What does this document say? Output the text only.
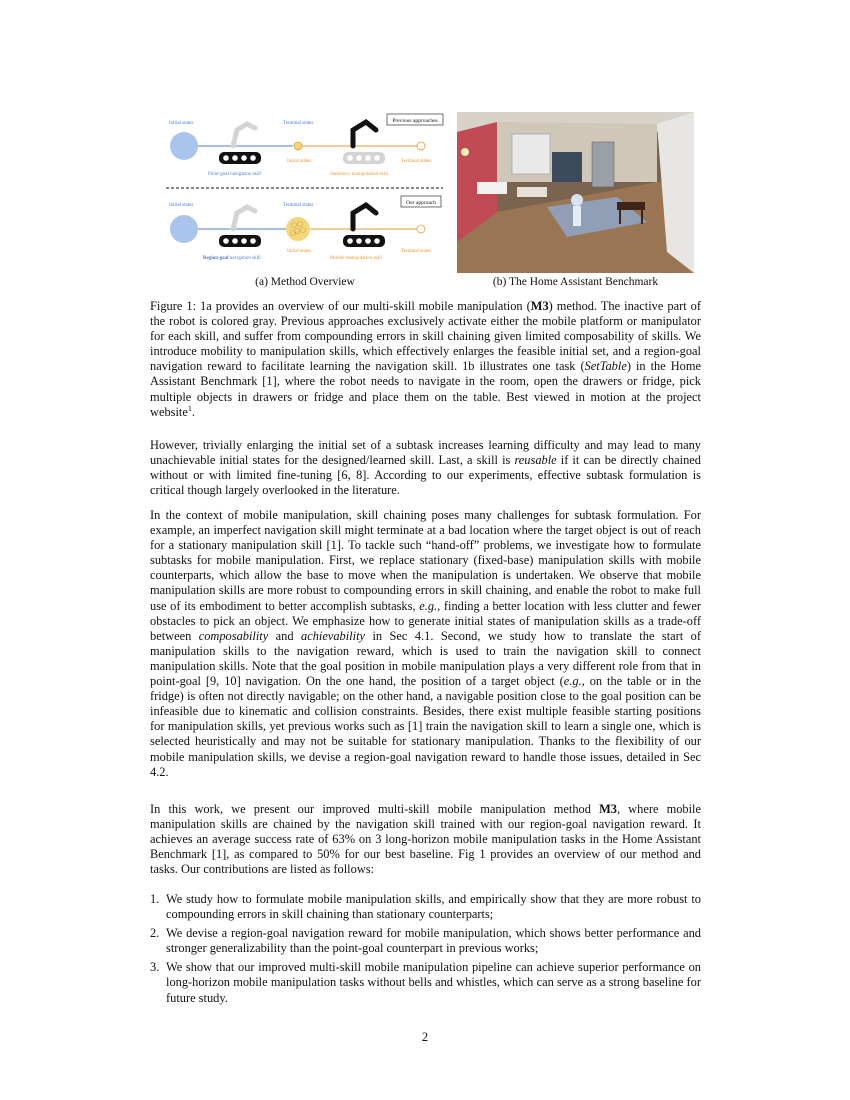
Previous approaches
Initial states
Point-goal navigation skill
Terminal states
Initial states	Terminal states
Stationary manipulation skill
Our approach
Initial states
Region-goal navigation skill
Terminal states
Initial states	Terminal states
Mobile manipulation skill
(a) Method Overview	(b) The Home Assistant Benchmark

Figure 1: 1a provides an overview of our multi-skill mobile manipulation (M3) method. The inactive part of the robot is colored gray. Previous approaches exclusively activate either the mobile platform or manipulator for each skill, and suffer from compounding errors in skill chaining given limited composability of skills. We introduce mobility to manipulation skills, which effectively enlarges the feasible initial set, and a region-goal navigation reward to facilitate learning the navigation skill. 1b illustrates one task (SetTable) in the Home Assistant Benchmark [1], where the robot needs to navigate in the room, open the drawers or fridge, pick multiple objects in drawers or fridge and place them on the table. Best viewed in motion at the project website$^1$.

However, trivially enlarging the initial set of a subtask increases learning difficulty and may lead to many unachievable initial states for the designed/learned skill. Last, a skill is reusable if it can be directly chained without or with limited fine-tuning [6, 8]. According to our experiments, effective subtask formulation is critical though largely overlooked in the literature.

In the context of mobile manipulation, skill chaining poses many challenges for subtask formulation. For example, an imperfect navigation skill might terminate at a bad location where the target object is out of reach for a stationary manipulation skill [1]. To tackle such “hand-off” problems, we investigate how to formulate subtasks for mobile manipulation. First, we replace stationary (fixed-base) manipulation skills with mobile counterparts, which allow the base to move when the manipulation is undertaken. We observe that mobile manipulation skills are more robust to compounding errors in skill chaining, and enable the robot to make full use of its embodiment to better accomplish subtasks, e.g., finding a better location with less clutter and fewer obstacles to pick an object. We emphasize how to generate initial states of manipulation skills as a trade-off between composability and achievability in Sec 4.1. Second, we study how to translate the start of manipulation skills to the navigation reward, which is used to train the navigation skill to connect manipulation skills. Note that the goal position in mobile manipulation plays a very different role from that in point-goal [9, 10] navigation. On the one hand, the position of a target object (e.g., on the table or in the fridge) is often not directly navigable; on the other hand, a navigable position close to the goal position can be infeasible due to kinematic and collision constraints. Besides, there exist multiple feasible starting positions for manipulation skills, yet previous works such as [1] train the navigation skill to learn a single one, which is selected heuristically and may not be suitable for stationary manipulation. Thanks to the flexibility of our mobile manipulation skills, we devise a region-goal navigation reward to handle those issues, detailed in Sec 4.2.

In this work, we present our improved multi-skill mobile manipulation method M3, where mobile manipulation skills are chained by the navigation skill trained with our region-goal navigation reward. It achieves an average success rate of 63% on 3 long-horizon mobile manipulation tasks in the Home Assistant Benchmark [1], as compared to 50% for our best baseline. Fig 1 provides an overview of our method and tasks. Our contributions are listed as follows:

1. We study how to formulate mobile manipulation skills, and empirically show that they are more robust to compounding errors in skill chaining than stationary counterparts;
2. We devise a region-goal navigation reward for mobile manipulation, which shows better performance and stronger generalizability than the point-goal counterpart in previous works;
3. We show that our improved multi-skill mobile manipulation pipeline can achieve superior performance on long-horizon mobile manipulation tasks without bells and whistles, which can serve as a strong baseline for future study.
2
